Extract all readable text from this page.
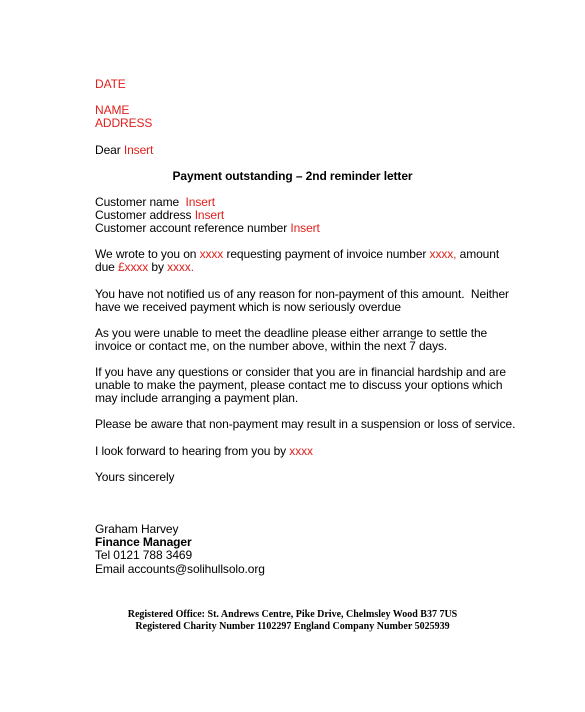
DATE
NAME
ADDRESS
Dear Insert
Payment outstanding – 2nd reminder letter
Customer name  Insert
Customer address Insert
Customer account reference number Insert
We wrote to you on xxxx requesting payment of invoice number xxxx, amount
due £xxxx by xxxx.
You have not notified us of any reason for non-payment of this amount.  Neither
have we received payment which is now seriously overdue
As you were unable to meet the deadline please either arrange to settle the
invoice or contact me, on the number above, within the next 7 days.
If you have any questions or consider that you are in financial hardship and are
unable to make the payment, please contact me to discuss your options which
may include arranging a payment plan.
Please be aware that non-payment may result in a suspension or loss of service.
I look forward to hearing from you by xxxx
Yours sincerely
Graham Harvey
Finance Manager
Tel 0121 788 3469
Email accounts@solihullsolo.org
Registered Office: St. Andrews Centre, Pike Drive, Chelmsley Wood B37 7US
Registered Charity Number 1102297 England Company Number 5025939
